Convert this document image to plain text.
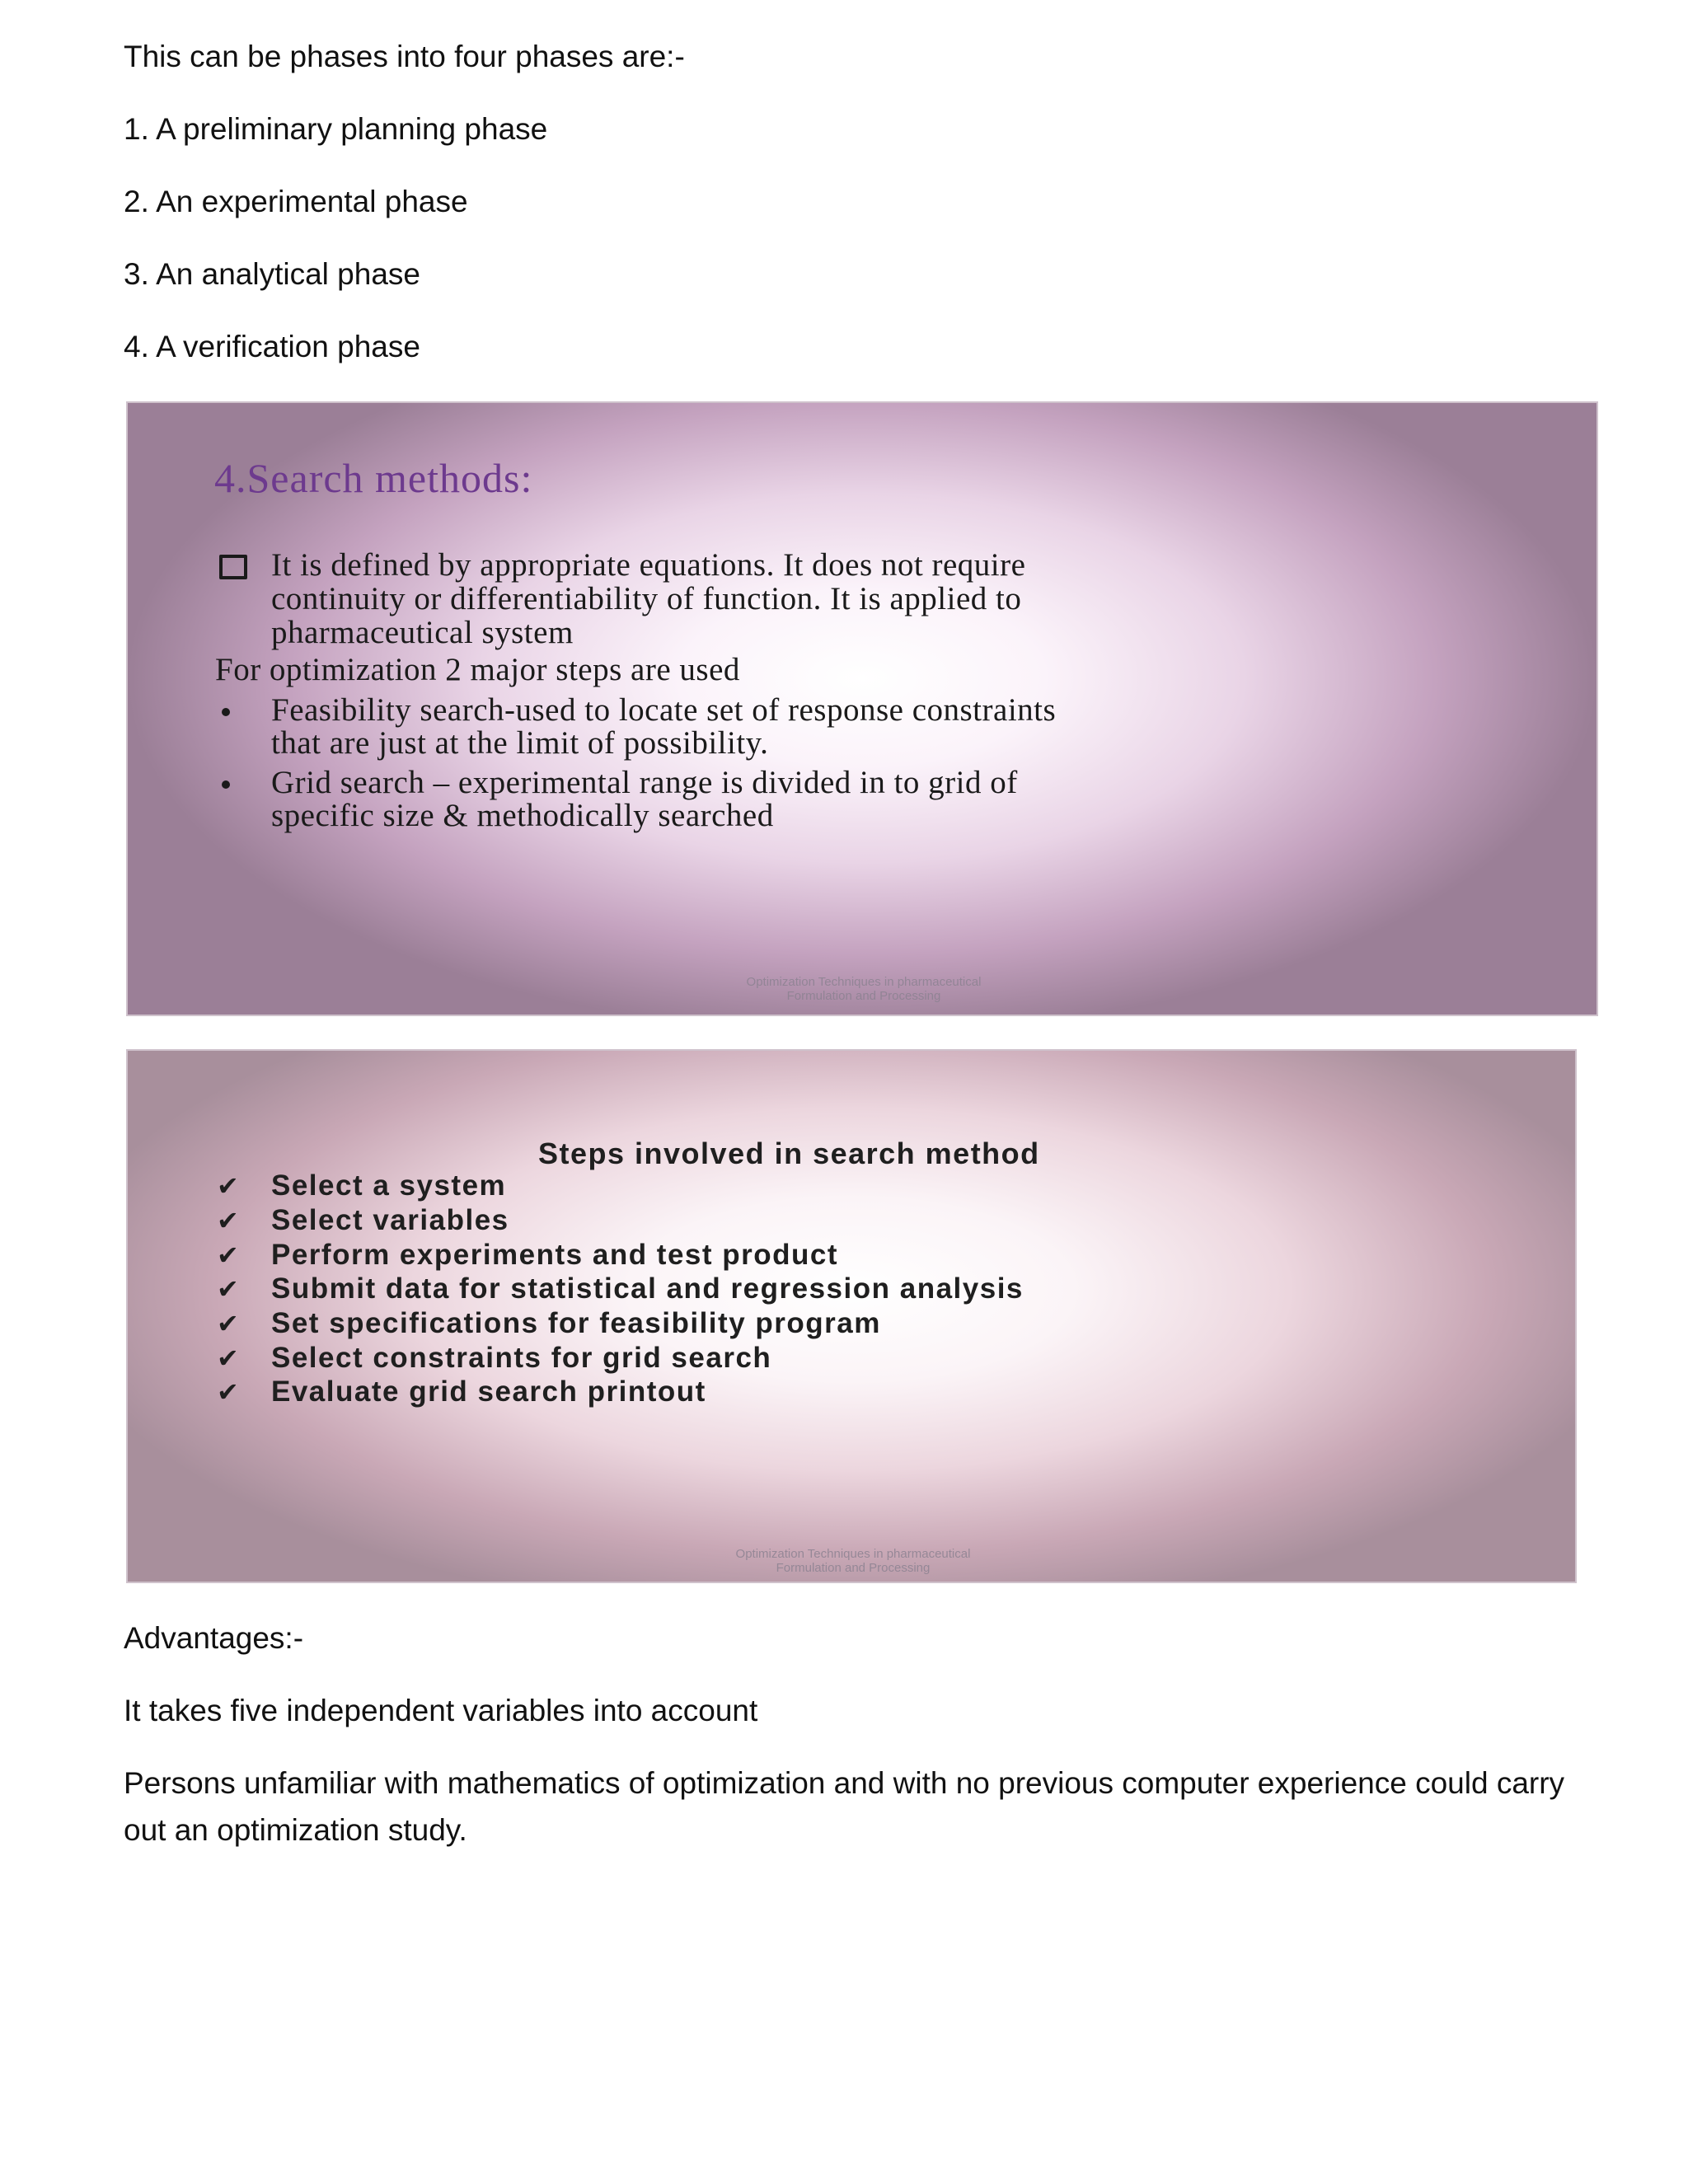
This can be phases into four phases are:-

1. A preliminary planning phase

2. An experimental phase

3. An analytical phase

4. A verification phase

4.Search methods:
It is defined by appropriate equations. It does not require
continuity or differentiability of function. It is applied to
pharmaceutical system
For optimization 2 major steps are used
Feasibility search-used to locate set of response constraints
that are just at the limit of possibility.
Grid search – experimental range is divided in to grid of
specific size & methodically searched
Optimization Techniques in pharmaceutical
Formulation and Processing
Steps involved in search method
✔ Select a system
✔ Select variables
✔ Perform experiments and test product
✔ Submit data for statistical and regression analysis
✔ Set specifications for feasibility program
✔ Select constraints for grid search
✔ Evaluate grid search printout
Optimization Techniques in pharmaceutical
Formulation and Processing

Advantages:-

It takes five independent variables into account

Persons unfamiliar with mathematics of optimization and with no previous computer experience could carry out an optimization study.
